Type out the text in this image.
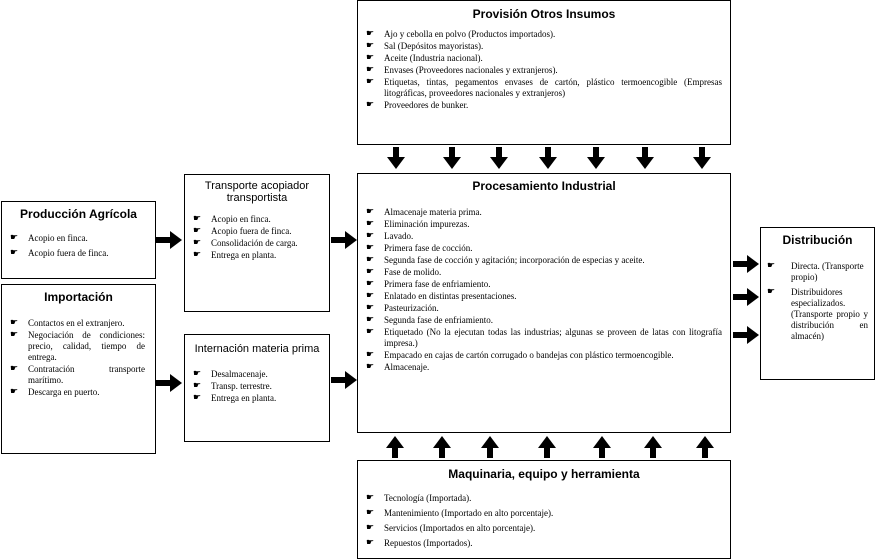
Provisión Otros Insumos
☛ Ajo y cebolla en polvo (Productos importados).
☛ Sal (Depósitos mayoristas).
☛ Aceite (Industria nacional).
☛ Envases (Proveedores nacionales y extranjeros).
☛ Etiquetas, tintas, pegamentos envases de cartón, plástico termoencogible (Empresas litográficas, proveedores nacionales y extranjeros)
☛ Proveedores de bunker.
Transporte acopiador transportista
☛ Acopio en finca.
☛ Acopio fuera de finca.
☛ Consolidación de carga.
☛ Entrega en planta.
Producción Agrícola
☛ Acopio en finca.
☛ Acopio fuera de finca.
Importación
☛ Contactos en el extranjero.
☛ Negociación de condiciones: precio, calidad, tiempo de entrega.
☛ Contratación transporte marítimo.
☛ Descarga en puerto.
Internación materia prima
☛ Desalmacenaje.
☛ Transp. terrestre.
☛ Entrega en planta.
Procesamiento Industrial
☛ Almacenaje materia prima.
☛ Eliminación impurezas.
☛ Lavado.
☛ Primera fase de cocción.
☛ Segunda fase de cocción y agitación; incorporación de especias y aceite.
☛ Fase de molido.
☛ Primera fase de enfriamiento.
☛ Enlatado en distintas presentaciones.
☛ Pasteurización.
☛ Segunda fase de enfriamiento.
☛ Etiquetado (No la ejecutan todas las industrias; algunas se proveen de latas con litografía impresa.)
☛ Empacado en cajas de cartón corrugado o bandejas con plástico termoencogible.
☛ Almacenaje.
Distribución
☛ Directa. (Transporte propio)
☛ Distribuidores especializados. (Transporte propio y distribución en almacén)
Maquinaria, equipo y herramienta
☛ Tecnología (Importada).
☛ Mantenimiento (Importado en alto porcentaje).
☛ Servicios (Importados en alto porcentaje).
☛ Repuestos (Importados).
